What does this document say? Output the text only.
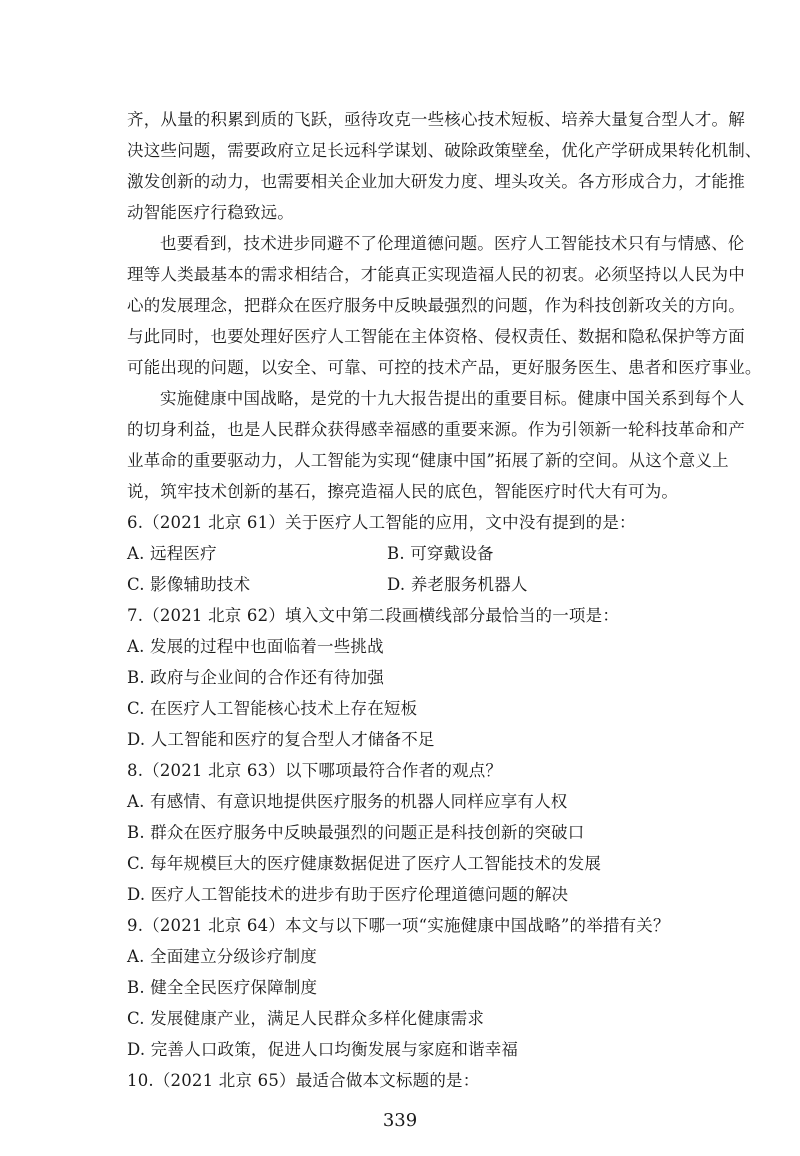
齐，从量的积累到质的飞跃，亟待攻克一些核心技术短板、培养大量复合型人才。解
决这些问题，需要政府立足长远科学谋划、破除政策壁垒，优化产学研成果转化机制、
激发创新的动力，也需要相关企业加大研发力度、埋头攻关。各方形成合力，才能推
动智能医疗行稳致远。
也要看到，技术进步同避不了伦理道德问题。医疗人工智能技术只有与情感、伦
理等人类最基本的需求相结合，才能真正实现造福人民的初衷。必须坚持以人民为中
心的发展理念，把群众在医疗服务中反映最强烈的问题，作为科技创新攻关的方向。
与此同时，也要处理好医疗人工智能在主体资格、侵权责任、数据和隐私保护等方面
可能出现的问题，以安全、可靠、可控的技术产品，更好服务医生、患者和医疗事业。
实施健康中国战略，是党的十九大报告提出的重要目标。健康中国关系到每个人
的切身利益，也是人民群众获得感幸福感的重要来源。作为引领新一轮科技革命和产
业革命的重要驱动力，人工智能为实现“健康中国”拓展了新的空间。从这个意义上
说，筑牢技术创新的基石，擦亮造福人民的底色，智能医疗时代大有可为。
6.（2021 北京 61）关于医疗人工智能的应用，文中没有提到的是：
A. 远程医疗	B. 可穿戴设备
C. 影像辅助技术	D. 养老服务机器人
7.（2021 北京 62）填入文中第二段画横线部分最恰当的一项是：
A. 发展的过程中也面临着一些挑战
B. 政府与企业间的合作还有待加强
C. 在医疗人工智能核心技术上存在短板
D. 人工智能和医疗的复合型人才储备不足
8.（2021 北京 63）以下哪项最符合作者的观点？
A. 有感情、有意识地提供医疗服务的机器人同样应享有人权
B. 群众在医疗服务中反映最强烈的问题正是科技创新的突破口
C. 每年规模巨大的医疗健康数据促进了医疗人工智能技术的发展
D. 医疗人工智能技术的进步有助于医疗伦理道德问题的解决
9.（2021 北京 64）本文与以下哪一项“实施健康中国战略”的举措有关？
A. 全面建立分级诊疗制度
B. 健全全民医疗保障制度
C. 发展健康产业，满足人民群众多样化健康需求
D. 完善人口政策，促进人口均衡发展与家庭和谐幸福
10.（2021 北京 65）最适合做本文标题的是：
339
